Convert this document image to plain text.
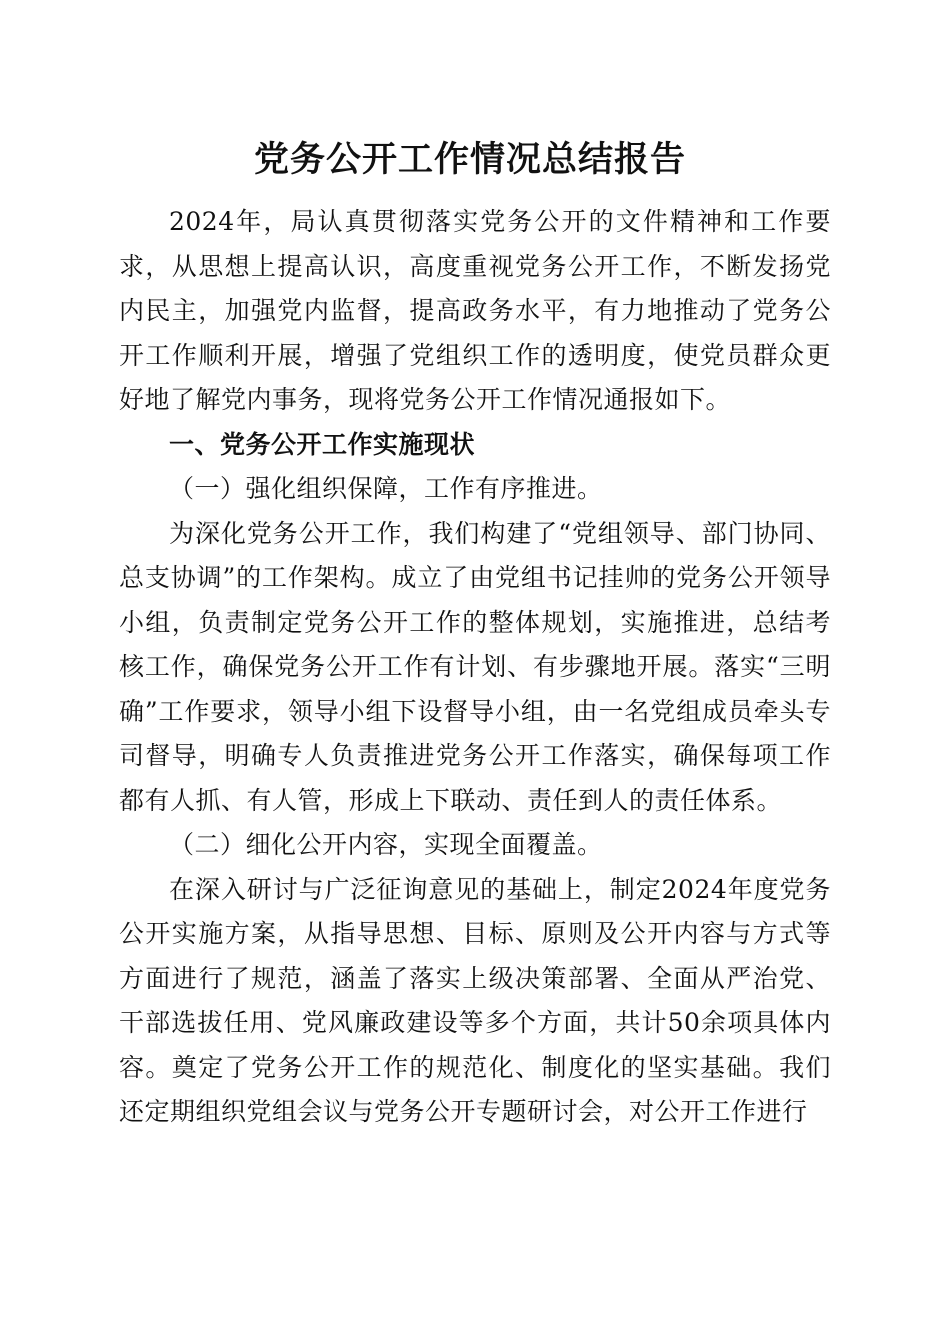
党务公开工作情况总结报告

2024年，局认真贯彻落实党务公开的文件精神和工作要求，从思想上提高认识，高度重视党务公开工作，不断发扬党内民主，加强党内监督，提高政务水平，有力地推动了党务公开工作顺利开展，增强了党组织工作的透明度，使党员群众更好地了解党内事务，现将党务公开工作情况通报如下。

一、党务公开工作实施现状

（一）强化组织保障，工作有序推进。

为深化党务公开工作，我们构建了“党组领导、部门协同、总支协调”的工作架构。成立了由党组书记挂帅的党务公开领导小组，负责制定党务公开工作的整体规划，实施推进，总结考核工作，确保党务公开工作有计划、有步骤地开展。落实“三明确”工作要求，领导小组下设督导小组，由一名党组成员牵头专司督导，明确专人负责推进党务公开工作落实，确保每项工作都有人抓、有人管，形成上下联动、责任到人的责任体系。

（二）细化公开内容，实现全面覆盖。

在深入研讨与广泛征询意见的基础上，制定2024年度党务公开实施方案，从指导思想、目标、原则及公开内容与方式等方面进行了规范，涵盖了落实上级决策部署、全面从严治党、干部选拔任用、党风廉政建设等多个方面，共计50余项具体内容。奠定了党务公开工作的规范化、制度化的坚实基础。我们还定期组织党组会议与党务公开专题研讨会，对公开工作进行
